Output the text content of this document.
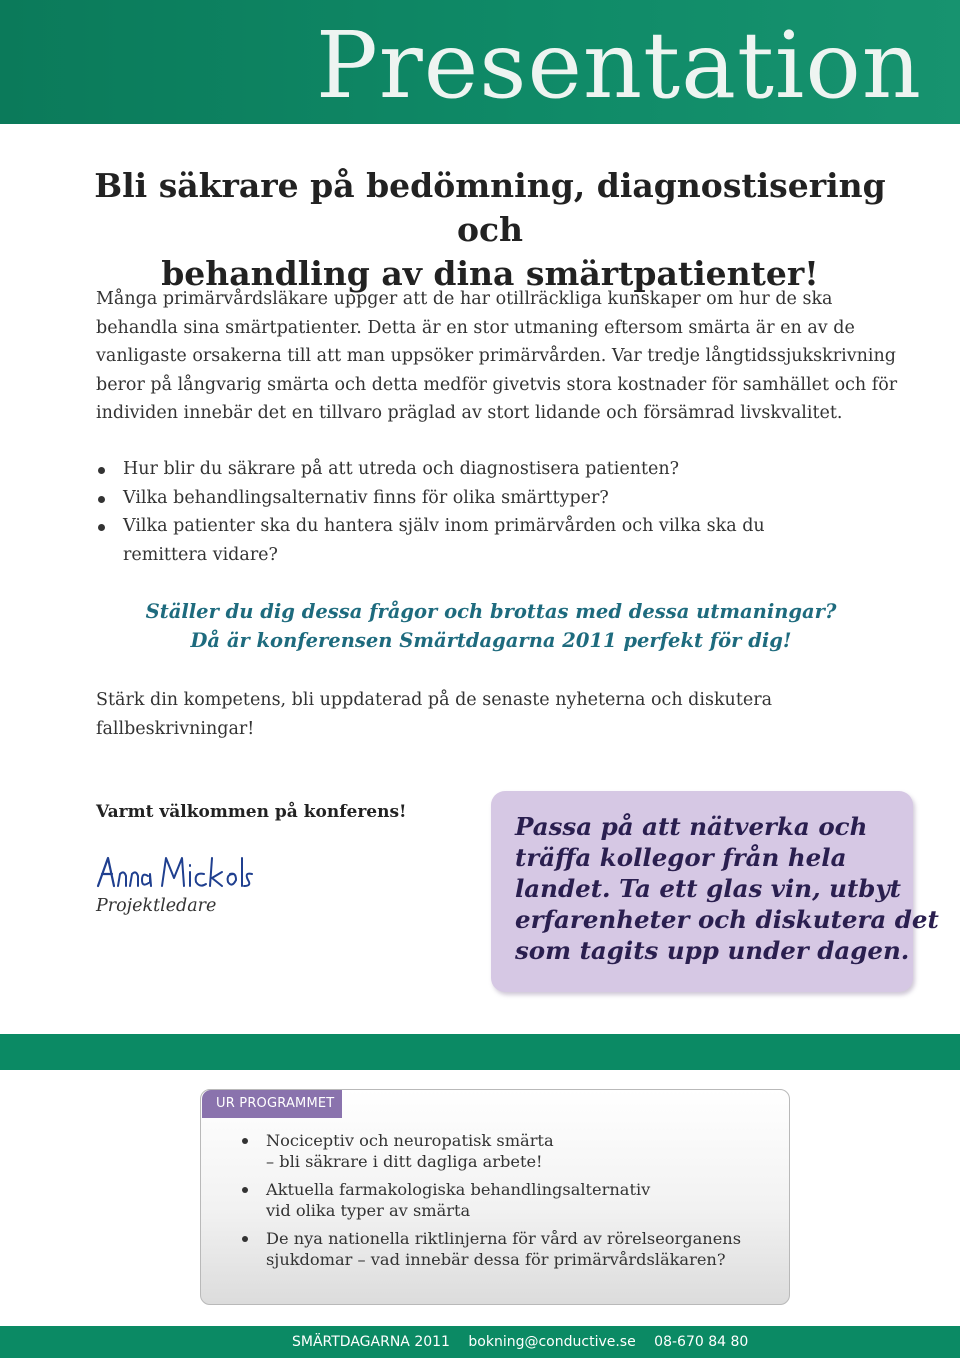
Presentation
Bli säkrare på bedömning, diagnostisering och
behandling av dina smärtpatienter!
Många primärvårdsläkare uppger att de har otillräckliga kunskaper om hur de ska
behandla sina smärtpatienter. Detta är en stor utmaning eftersom smärta är en av de
vanligaste orsakerna till att man uppsöker primärvården. Var tredje långtidssjukskrivning
beror på långvarig smärta och detta medför givetvis stora kostnader för samhället och för
individen innebär det en tillvaro präglad av stort lidande och försämrad livskvalitet.
Hur blir du säkrare på att utreda och diagnostisera patienten?
Vilka behandlingsalternativ finns för olika smärttyper?
Vilka patienter ska du hantera själv inom primärvården och vilka ska du
remittera vidare?
Ställer du dig dessa frågor och brottas med dessa utmaningar?
Då är konferensen Smärtdagarna 2011 perfekt för dig!
Stärk din kompetens, bli uppdaterad på de senaste nyheterna och diskutera
fallbeskrivningar!
Varmt välkommen på konferens!
Projektledare
Passa på att nätverka och
träffa kollegor från hela
landet. Ta ett glas vin, utbyt
erfarenheter och diskutera det
som tagits upp under dagen.
UR PROGRAMMET
Nociceptiv och neuropatisk smärta
– bli säkrare i ditt dagliga arbete!
Aktuella farmakologiska behandlingsalternativ
vid olika typer av smärta
De nya nationella riktlinjerna för vård av rörelseorganens
sjukdomar – vad innebär dessa för primärvårdsläkaren?
SMÄRTDAGARNA 2011 bokning@conductive.se 08-670 84 80
